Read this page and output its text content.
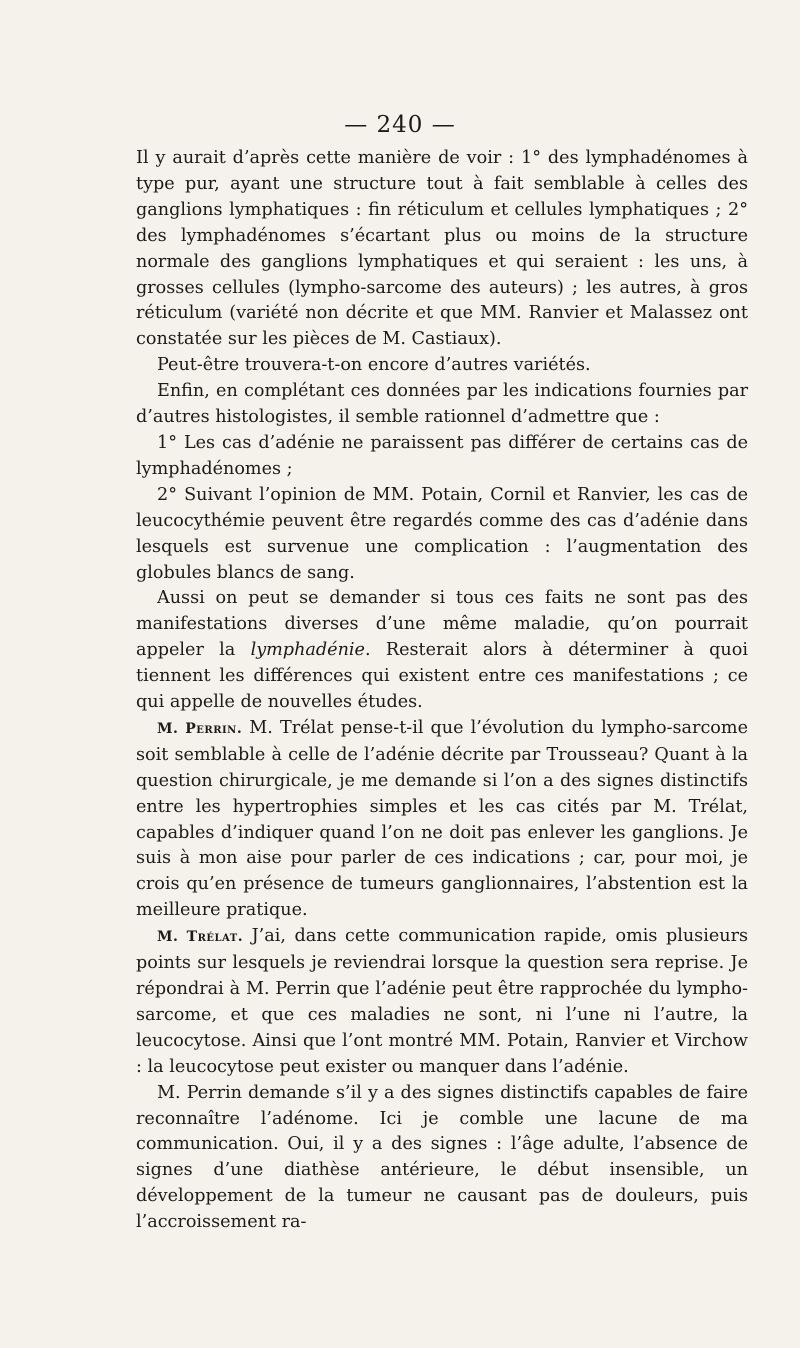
— 240 —

Il y aurait d’après cette manière de voir : 1° des lymphadénomes à type pur, ayant une structure tout à fait semblable à celles des ganglions lymphatiques : fin réticulum et cellules lymphatiques ; 2° des lymphadénomes s’écartant plus ou moins de la structure normale des ganglions lymphatiques et qui seraient : les uns, à grosses cellules (lympho-sarcome des auteurs) ; les autres, à gros réticulum (variété non décrite et que MM. Ranvier et Malassez ont constatée sur les pièces de M. Castiaux).

Peut-être trouvera-t-on encore d’autres variétés.

Enfin, en complétant ces données par les indications fournies par d’autres histologistes, il semble rationnel d’admettre que :

1° Les cas d’adénie ne paraissent pas différer de certains cas de lymphadénomes ;

2° Suivant l’opinion de MM. Potain, Cornil et Ranvier, les cas de leucocythémie peuvent être regardés comme des cas d’adénie dans lesquels est survenue une complication : l’augmentation des globules blancs de sang.

Aussi on peut se demander si tous ces faits ne sont pas des manifestations diverses d’une même maladie, qu’on pourrait appeler la lymphadénie. Resterait alors à déterminer à quoi tiennent les différences qui existent entre ces manifestations ; ce qui appelle de nouvelles études.

M. Perrin. M. Trélat pense-t-il que l’évolution du lympho-sarcome soit semblable à celle de l’adénie décrite par Trousseau? Quant à la question chirurgicale, je me demande si l’on a des signes distinctifs entre les hypertrophies simples et les cas cités par M. Trélat, capables d’indiquer quand l’on ne doit pas enlever les ganglions. Je suis à mon aise pour parler de ces indications ; car, pour moi, je crois qu’en présence de tumeurs ganglionnaires, l’abstention est la meilleure pratique.

M. Trélat. J’ai, dans cette communication rapide, omis plusieurs points sur lesquels je reviendrai lorsque la question sera reprise. Je répondrai à M. Perrin que l’adénie peut être rapprochée du lympho-sarcome, et que ces maladies ne sont, ni l’une ni l’autre, la leucocytose. Ainsi que l’ont montré MM. Potain, Ranvier et Virchow : la leucocytose peut exister ou manquer dans l’adénie.

M. Perrin demande s’il y a des signes distinctifs capables de faire reconnaître l’adénome. Ici je comble une lacune de ma communication. Oui, il y a des signes : l’âge adulte, l’absence de signes d’une diathèse antérieure, le début insensible, un développement de la tumeur ne causant pas de douleurs, puis l’accroissement ra-
